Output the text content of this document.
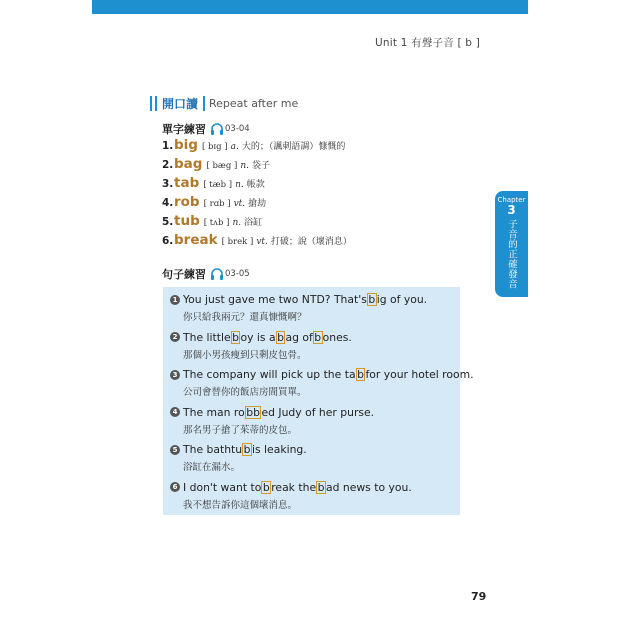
Unit 1 有聲子音 [ b ]
開口讀 Repeat after me
單字練習 03-04
1. big [ bɪg ] a. 大的；（諷刺語調）慷慨的
2. bag [ bæg ] n. 袋子
3. tab [ tæb ] n. 帳款
4. rob [ rɑb ] vt. 搶劫
5. tub [ tʌb ] n. 浴缸
6. break [ brek ] vt. 打破；說（壞消息）
句子練習 03-05
1 You just gave me two NTD? That's b ig of you.
你只給我兩元？還真慷慨啊？
2 The little b oy is a b ag of b ones.
那個小男孩瘦到只剩皮包骨。
3 The company will pick up the ta b for your hotel room.
公司會替你的飯店房間買單。
4 The man ro bb ed Judy of her purse.
那名男子搶了茱蒂的皮包。
5 The bathtu b is leaking.
浴缸在漏水。
6 I don't want to b reak the b ad news to you.
我不想告訴你這個壞消息。
Chapter
3
子音的正確發音
79
